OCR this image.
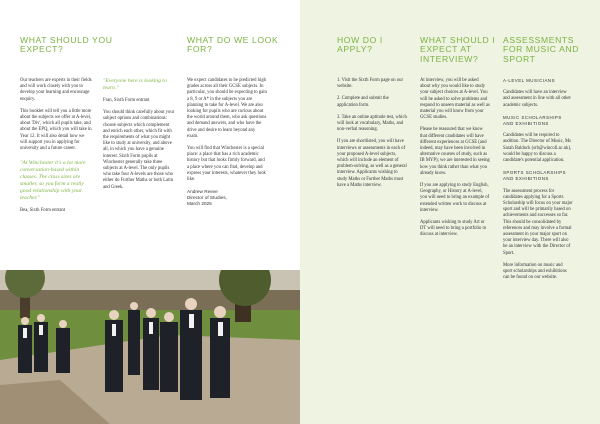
WHAT SHOULD YOU EXPECT?

Our teachers are experts in their fields and will work closely with you to develop your learning and encourage enquiry.

This booklet will tell you a little more about the subjects we offer at A-level, about 'Div', which all pupils take, and about the EPQ, which you will take in Year 12. It will also detail how we will support you in applying for university and a future career.

"At Winchester it's a lot more conversation-based within classes. The class sizes are smaller, so you form a really good relationship with your teacher."

Bea, Sixth Form entrant

"Everyone here is looking to learn."

Fran, Sixth Form entrant

You should think carefully about your subject options and combinations: choose subjects which complement and enrich each other, which fit with the requirements of what you might like to study at university, and above all, in which you have a genuine interest. Sixth Form pupils at Winchester generally take three subjects at A-level. The only pupils who take four A-levels are those who either do Further Maths or both Latin and Greek.

WHAT DO WE LOOK FOR?

We expect candidates to be predicted high grades across all their GCSE subjects. In particular, you should be expecting to gain a 8, 9 or A* in the subjects you are planning to take for A-level. We are also looking for pupils who are curious about the world around them, who ask questions and demand answers, and who have the drive and desire to learn beyond any exam.

You will find that Winchester is a special place: a place that has a rich academic history but that looks firmly forward, and a place where you can find, develop and express your interests, whatever they look like.

Andrew Reeve
Director of Studies,
March 2025
HOW DO I APPLY?

1. Visit the Sixth Form page on our website.

2. Complete and submit the application form.

3. Take an online aptitude test, which will look at vocabulary, Maths, and non-verbal reasoning.

If you are shortlisted, you will have interviews or assessments in each of your proposed A-level subjects, which will include an element of problem-solving, as well as a general interview. Applicants wishing to study Maths or Further Maths must have a Maths interview.

WHAT SHOULD I EXPECT AT INTERVIEW?

At interview, you will be asked about why you would like to study your subject choices at A-level. You will be asked to solve problems and respond to unseen material as well as material you will know from your GCSE studies.

Please be reassured that we know that different candidates will have different experiences at GCSE (and indeed, may have been involved in alternative courses of study, such as IB MYP); we are interested in seeing how you think rather than what you already know.

If you are applying to study English, Geography, or History at A-level, you will need to bring an example of extended written work to discuss at interview.

Applicants wishing to study Art or DT will need to bring a portfolio to discuss at interview.

ASSESSMENTS FOR MUSIC AND SPORT

A-LEVEL MUSICIANS

Candidates will have an interview and assessment in line with all other academic subjects.

MUSIC SCHOLARSHIPS AND EXHIBITIONS

Candidates will be required to audition. The Director of Music, Ms Sarah Baldock (srb@wincoll.ac.uk), would be happy to discuss a candidate's potential application.

SPORTS SCHOLARSHIPS AND EXHIBITIONS

The assessment process for candidates applying for a Sports Scholarship will focus on your major sport and will be primarily based on achievements and successes so far. This should be consolidated by references and may involve a formal assessment in your major sport on your interview day. There will also be an interview with the Director of Sport.

More information on music and sport scholarships and exhibitions can be found on our website.
